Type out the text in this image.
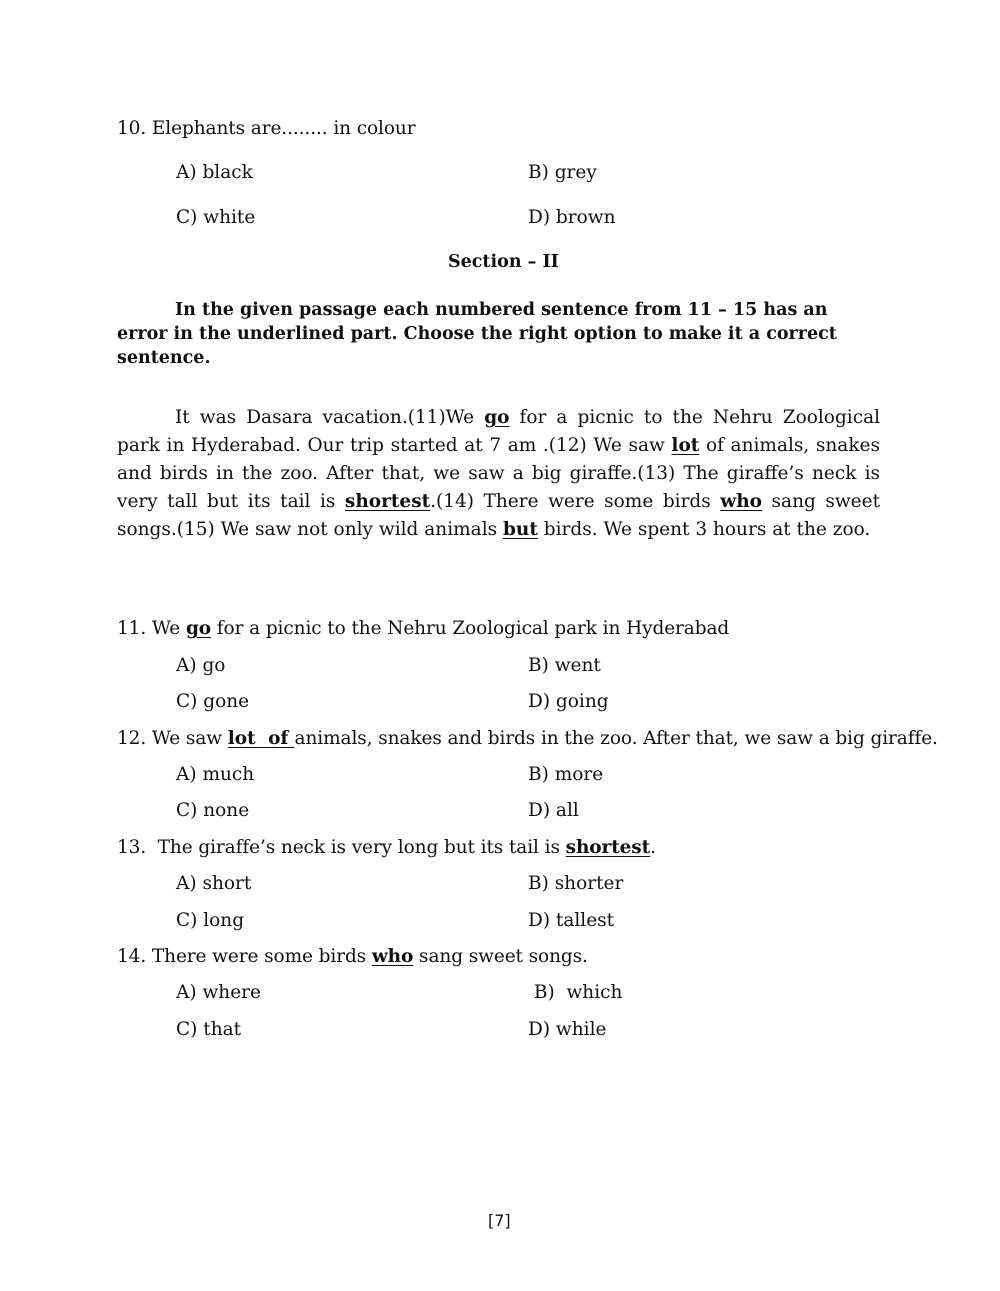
10. Elephants are........ in colour
A) black	B) grey
C) white	D) brown
Section – II
In the given passage each numbered sentence from 11 – 15 has an error in the underlined part. Choose the right option to make it a correct sentence.
It was Dasara vacation.(11)We go for a picnic to the Nehru Zoological park in Hyderabad. Our trip started at 7 am .(12) We saw lot of animals, snakes and birds in the zoo. After that, we saw a big giraffe.(13) The giraffe’s neck is very tall but its tail is shortest.(14) There were some birds who sang sweet songs.(15) We saw not only wild animals but birds. We spent 3 hours at the zoo.
11. We go for a picnic to the Nehru Zoological park in Hyderabad
A) go	B) went
C) gone	D) going
12. We saw lot  of animals, snakes and birds in the zoo. After that, we saw a big giraffe.
A) much	B) more
C) none	D) all
13.  The giraffe’s neck is very long but its tail is shortest.
A) short	B) shorter
C) long	D) tallest
14. There were some birds who sang sweet songs.
A) where	B)  which
C) that	D) while
[7]
